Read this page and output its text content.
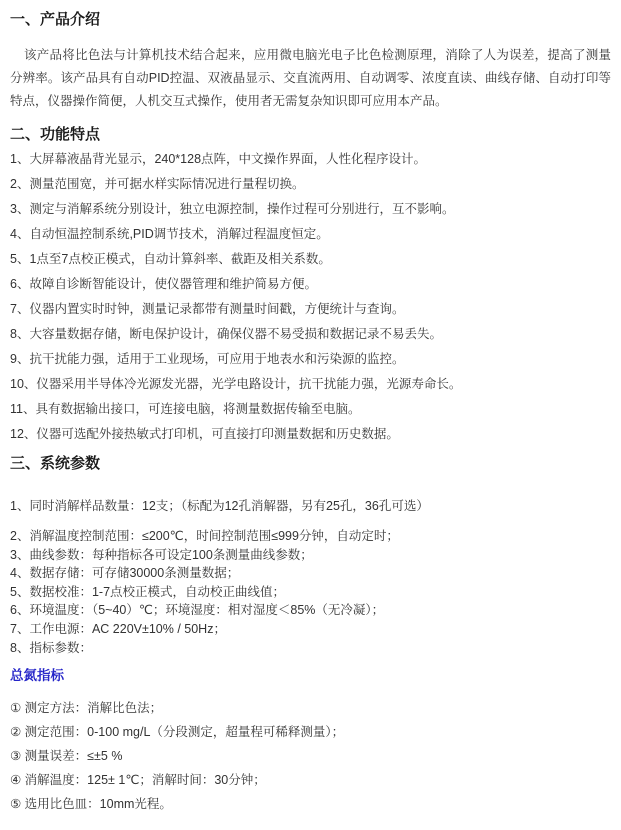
一、产品介绍

该产品将比色法与计算机技术结合起来，应用微电脑光电子比色检测原理，消除了人为误差，提高了测量分辨率。该产品具有自动PID控温、双液晶显示、交直流两用、自动调零、浓度直读、曲线存储、自动打印等特点，仪器操作简便，人机交互式操作，使用者无需复杂知识即可应用本产品。

二、功能特点
1、大屏幕液晶背光显示，240*128点阵，中文操作界面，人性化程序设计。
2、测量范围宽，并可据水样实际情况进行量程切换。
3、测定与消解系统分别设计，独立电源控制，操作过程可分别进行，互不影响。
4、自动恒温控制系统,PID调节技术，消解过程温度恒定。
5、1点至7点校正模式，自动计算斜率、截距及相关系数。
6、故障自诊断智能设计，使仪器管理和维护简易方便。
7、仪器内置实时时钟，测量记录都带有测量时间戳，方便统计与查询。
8、大容量数据存储，断电保护设计，确保仪器不易受损和数据记录不易丢失。
9、抗干扰能力强，适用于工业现场，可应用于地表水和污染源的监控。
10、仪器采用半导体冷光源发光器，光学电路设计，抗干扰能力强，光源寿命长。
11、具有数据输出接口，可连接电脑，将测量数据传输至电脑。
12、仪器可选配外接热敏式打印机，可直接打印测量数据和历史数据。
三、系统参数
1、同时消解样品数量：12支；（标配为12孔消解器，另有25孔，36孔可选）
2、消解温度控制范围：≤200℃，时间控制范围≤999分钟，自动定时；
3、曲线参数：每种指标各可设定100条测量曲线参数；
4、数据存储：可存储30000条测量数据；
5、数据校准：1-7点校正模式，自动校正曲线值；
6、环境温度：（5~40）℃；环境湿度：相对湿度＜85%（无冷凝）；
7、工作电源：AC 220V±10% / 50Hz；
8、指标参数：
总氮指标
① 测定方法：消解比色法；
② 测定范围：0-100 mg/L（分段测定，超量程可稀释测量）；
③ 测量误差：≤±5 %
④ 消解温度：125± 1℃；消解时间：30分钟；
⑤ 选用比色皿：10mm光程。
